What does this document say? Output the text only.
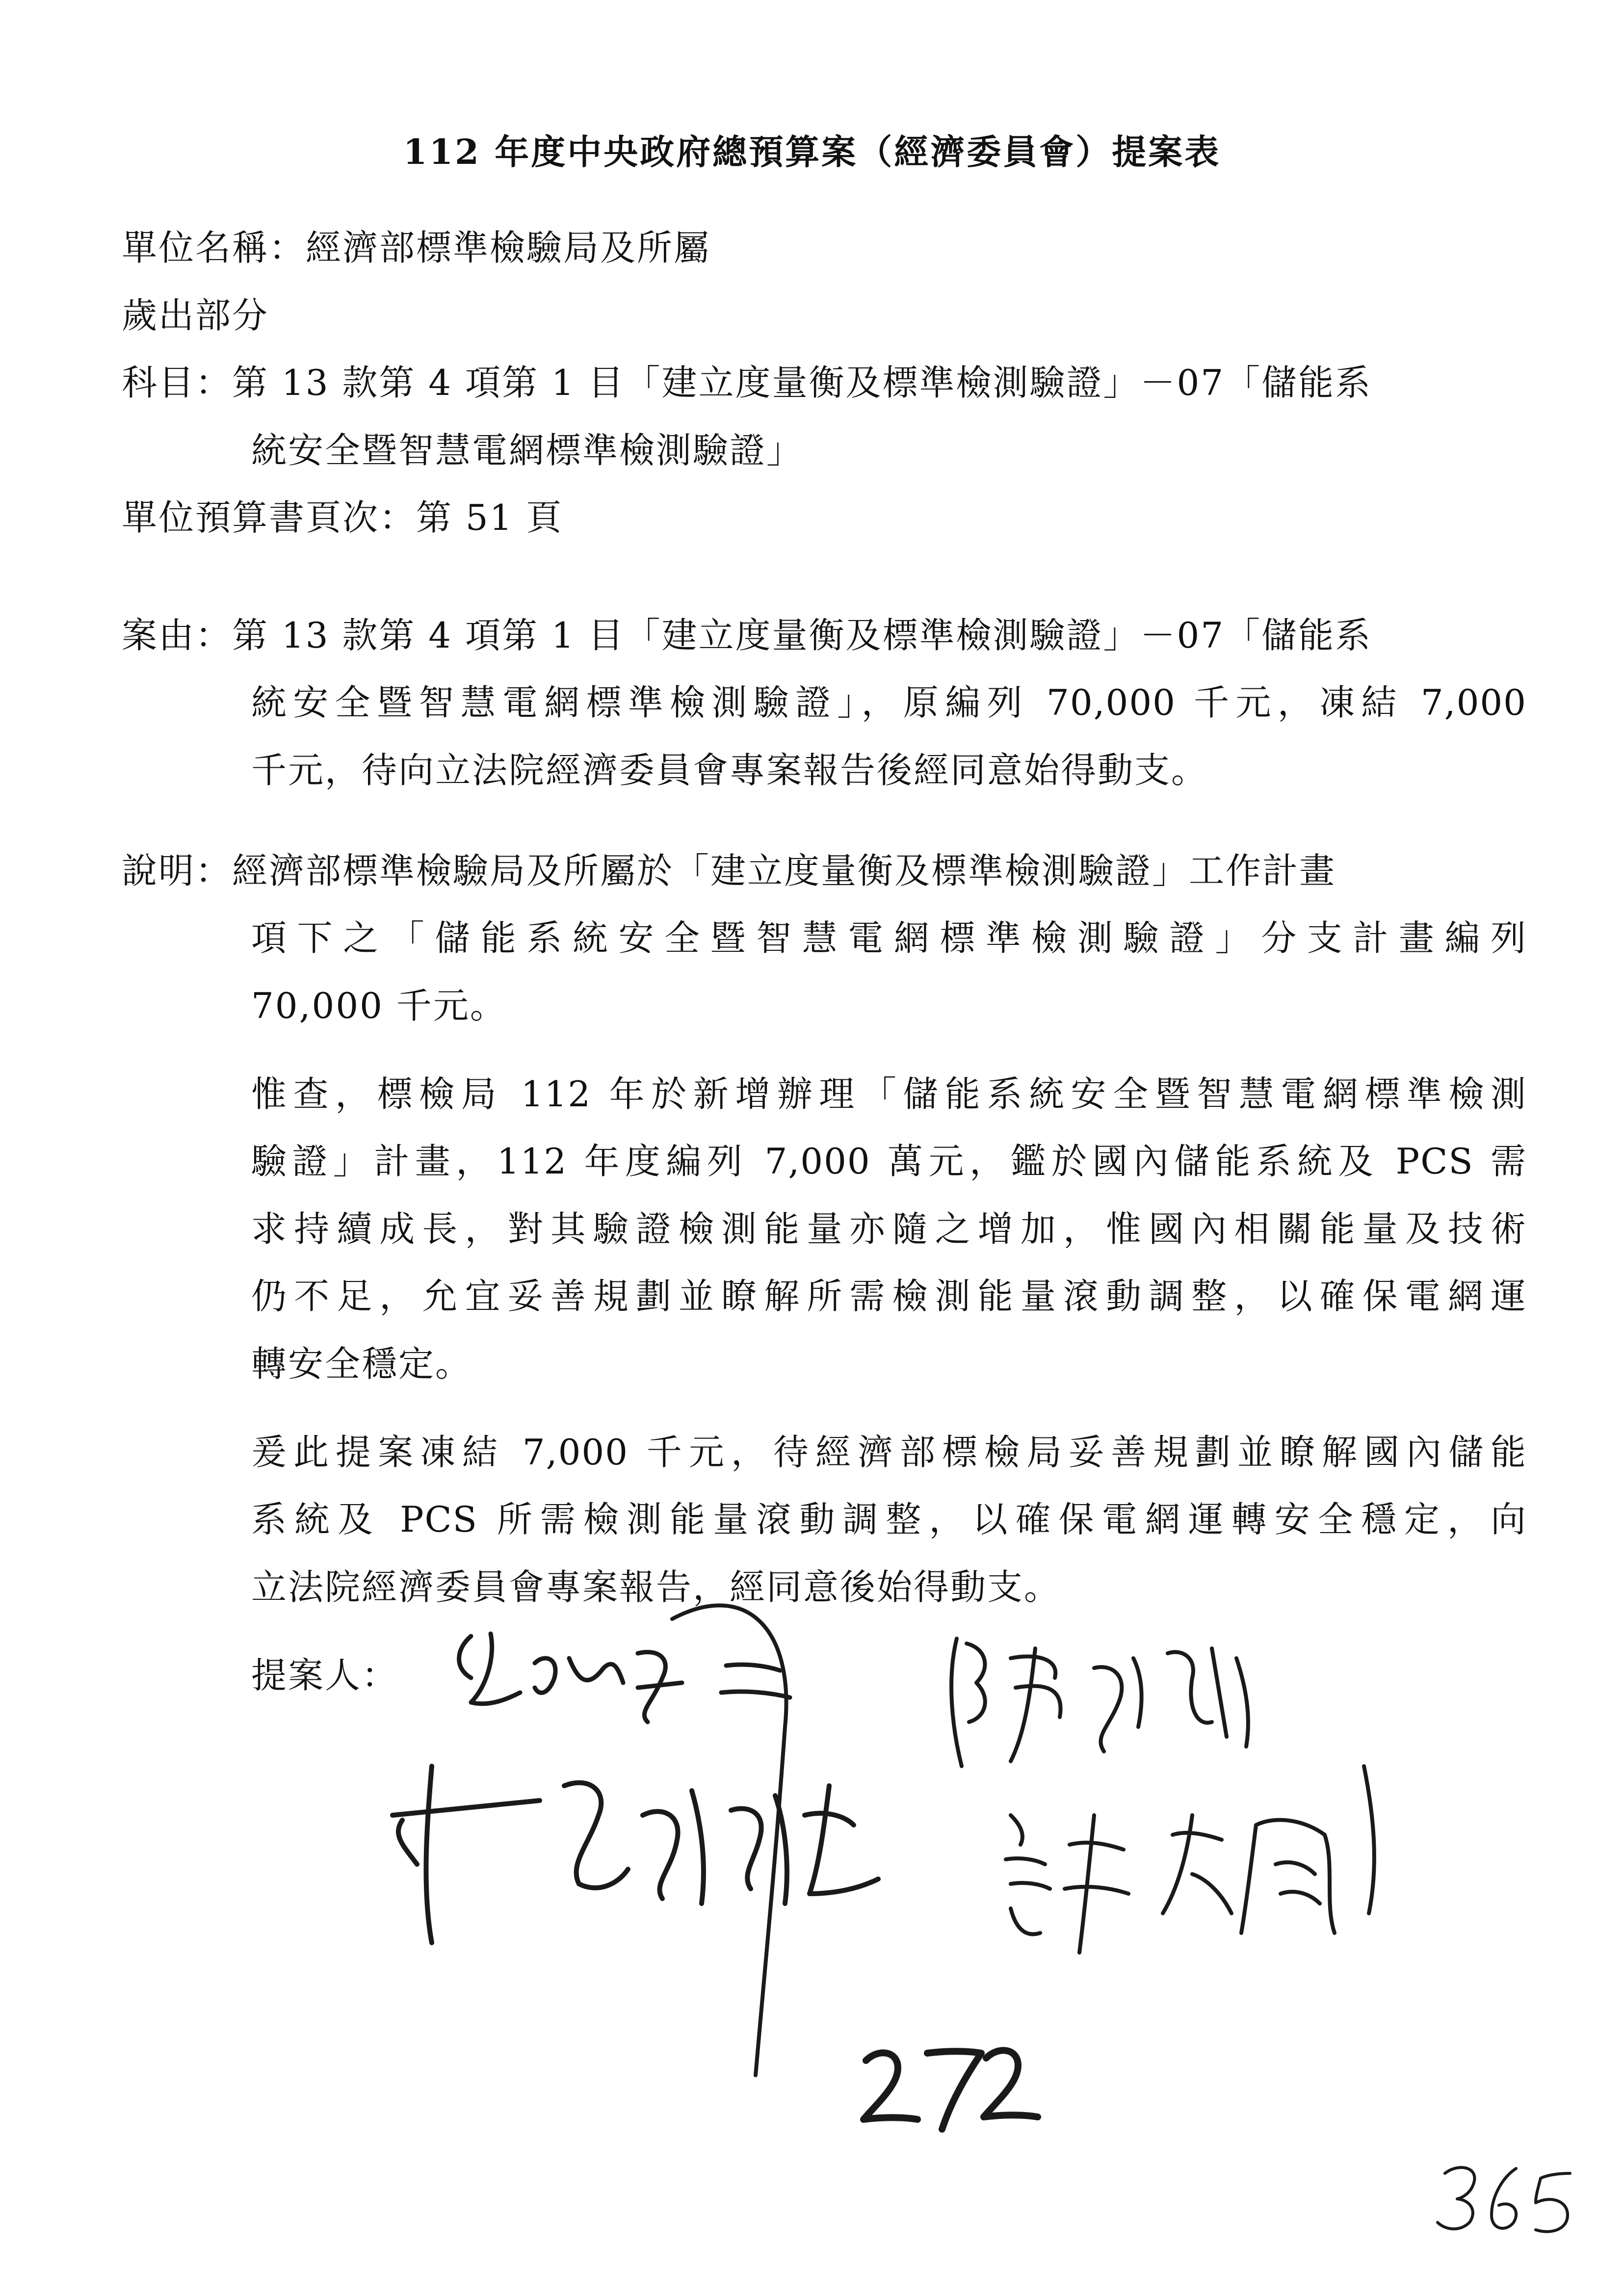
112 年度中央政府總預算案（經濟委員會）提案表
單位名稱：經濟部標準檢驗局及所屬
歲出部分
科目：第 13 款第 4 項第 1 目「建立度量衡及標準檢測驗證」－07「儲能系
統安全暨智慧電網標準檢測驗證」
單位預算書頁次：第 51 頁
案由：第 13 款第 4 項第 1 目「建立度量衡及標準檢測驗證」－07「儲能系
統安全暨智慧電網標準檢測驗證」，原編列 70,000 千元，凍結 7,000
千元，待向立法院經濟委員會專案報告後經同意始得動支。
說明：經濟部標準檢驗局及所屬於「建立度量衡及標準檢測驗證」工作計畫
項下之「儲能系統安全暨智慧電網標準檢測驗證」分支計畫編列
70,000 千元。
惟查，標檢局 112 年於新增辦理「儲能系統安全暨智慧電網標準檢測
驗證」計畫，112 年度編列 7,000 萬元，鑑於國內儲能系統及 PCS 需
求持續成長，對其驗證檢測能量亦隨之增加，惟國內相關能量及技術
仍不足，允宜妥善規劃並瞭解所需檢測能量滾動調整，以確保電網運
轉安全穩定。
爰此提案凍結 7,000 千元，待經濟部標檢局妥善規劃並瞭解國內儲能
系統及 PCS 所需檢測能量滾動調整，以確保電網運轉安全穩定，向
立法院經濟委員會專案報告，經同意後始得動支。
提案人：
